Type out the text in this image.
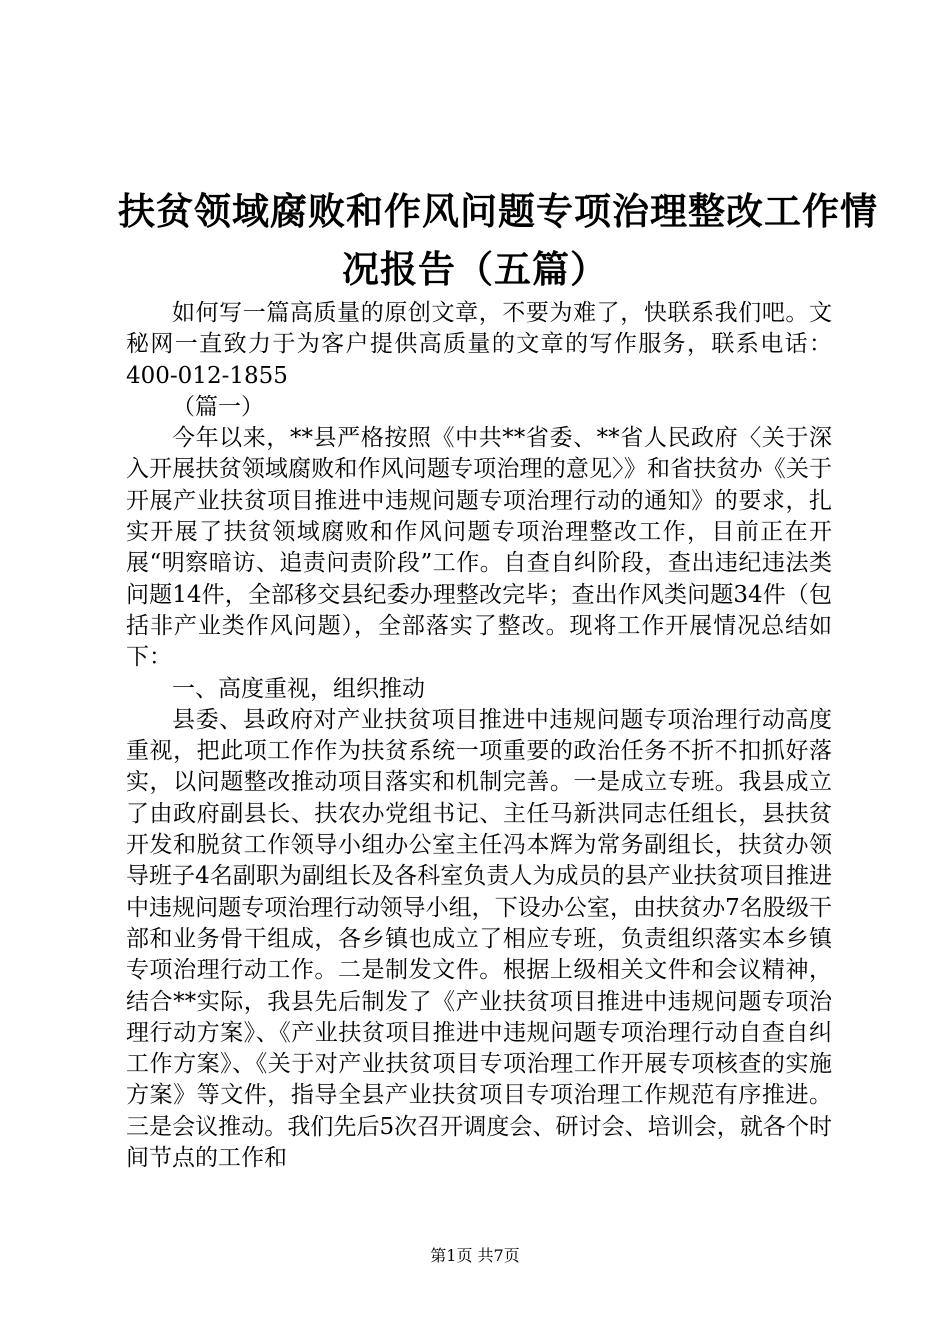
扶贫领域腐败和作风问题专项治理整改工作情
况报告（五篇）

如何写一篇高质量的原创文章，不要为难了，快联系我们吧。文秘网一直致力于为客户提供高质量的文章的写作服务，联系电话：400-012-1855

（篇一）

今年以来，**县严格按照《中共**省委、**省人民政府〈关于深入开展扶贫领域腐败和作风问题专项治理的意见〉》和省扶贫办《关于开展产业扶贫项目推进中违规问题专项治理行动的通知》的要求，扎实开展了扶贫领域腐败和作风问题专项治理整改工作，目前正在开展“明察暗访、追责问责阶段”工作。自查自纠阶段，查出违纪违法类问题14件，全部移交县纪委办理整改完毕；查出作风类问题34件（包括非产业类作风问题），全部落实了整改。现将工作开展情况总结如下：

一、高度重视，组织推动

县委、县政府对产业扶贫项目推进中违规问题专项治理行动高度重视，把此项工作作为扶贫系统一项重要的政治任务不折不扣抓好落实，以问题整改推动项目落实和机制完善。一是成立专班。我县成立了由政府副县长、扶农办党组书记、主任马新洪同志任组长，县扶贫开发和脱贫工作领导小组办公室主任冯本辉为常务副组长，扶贫办领导班子4名副职为副组长及各科室负责人为成员的县产业扶贫项目推进中违规问题专项治理行动领导小组，下设办公室，由扶贫办7名股级干部和业务骨干组成，各乡镇也成立了相应专班，负责组织落实本乡镇专项治理行动工作。二是制发文件。根据上级相关文件和会议精神，结合**实际，我县先后制发了《产业扶贫项目推进中违规问题专项治理行动方案》、《产业扶贫项目推进中违规问题专项治理行动自查自纠工作方案》、《关于对产业扶贫项目专项治理工作开展专项核查的实施方案》等文件，指导全县产业扶贫项目专项治理工作规范有序推进。三是会议推动。我们先后5次召开调度会、研讨会、培训会，就各个时间节点的工作和

第1页 共7页
